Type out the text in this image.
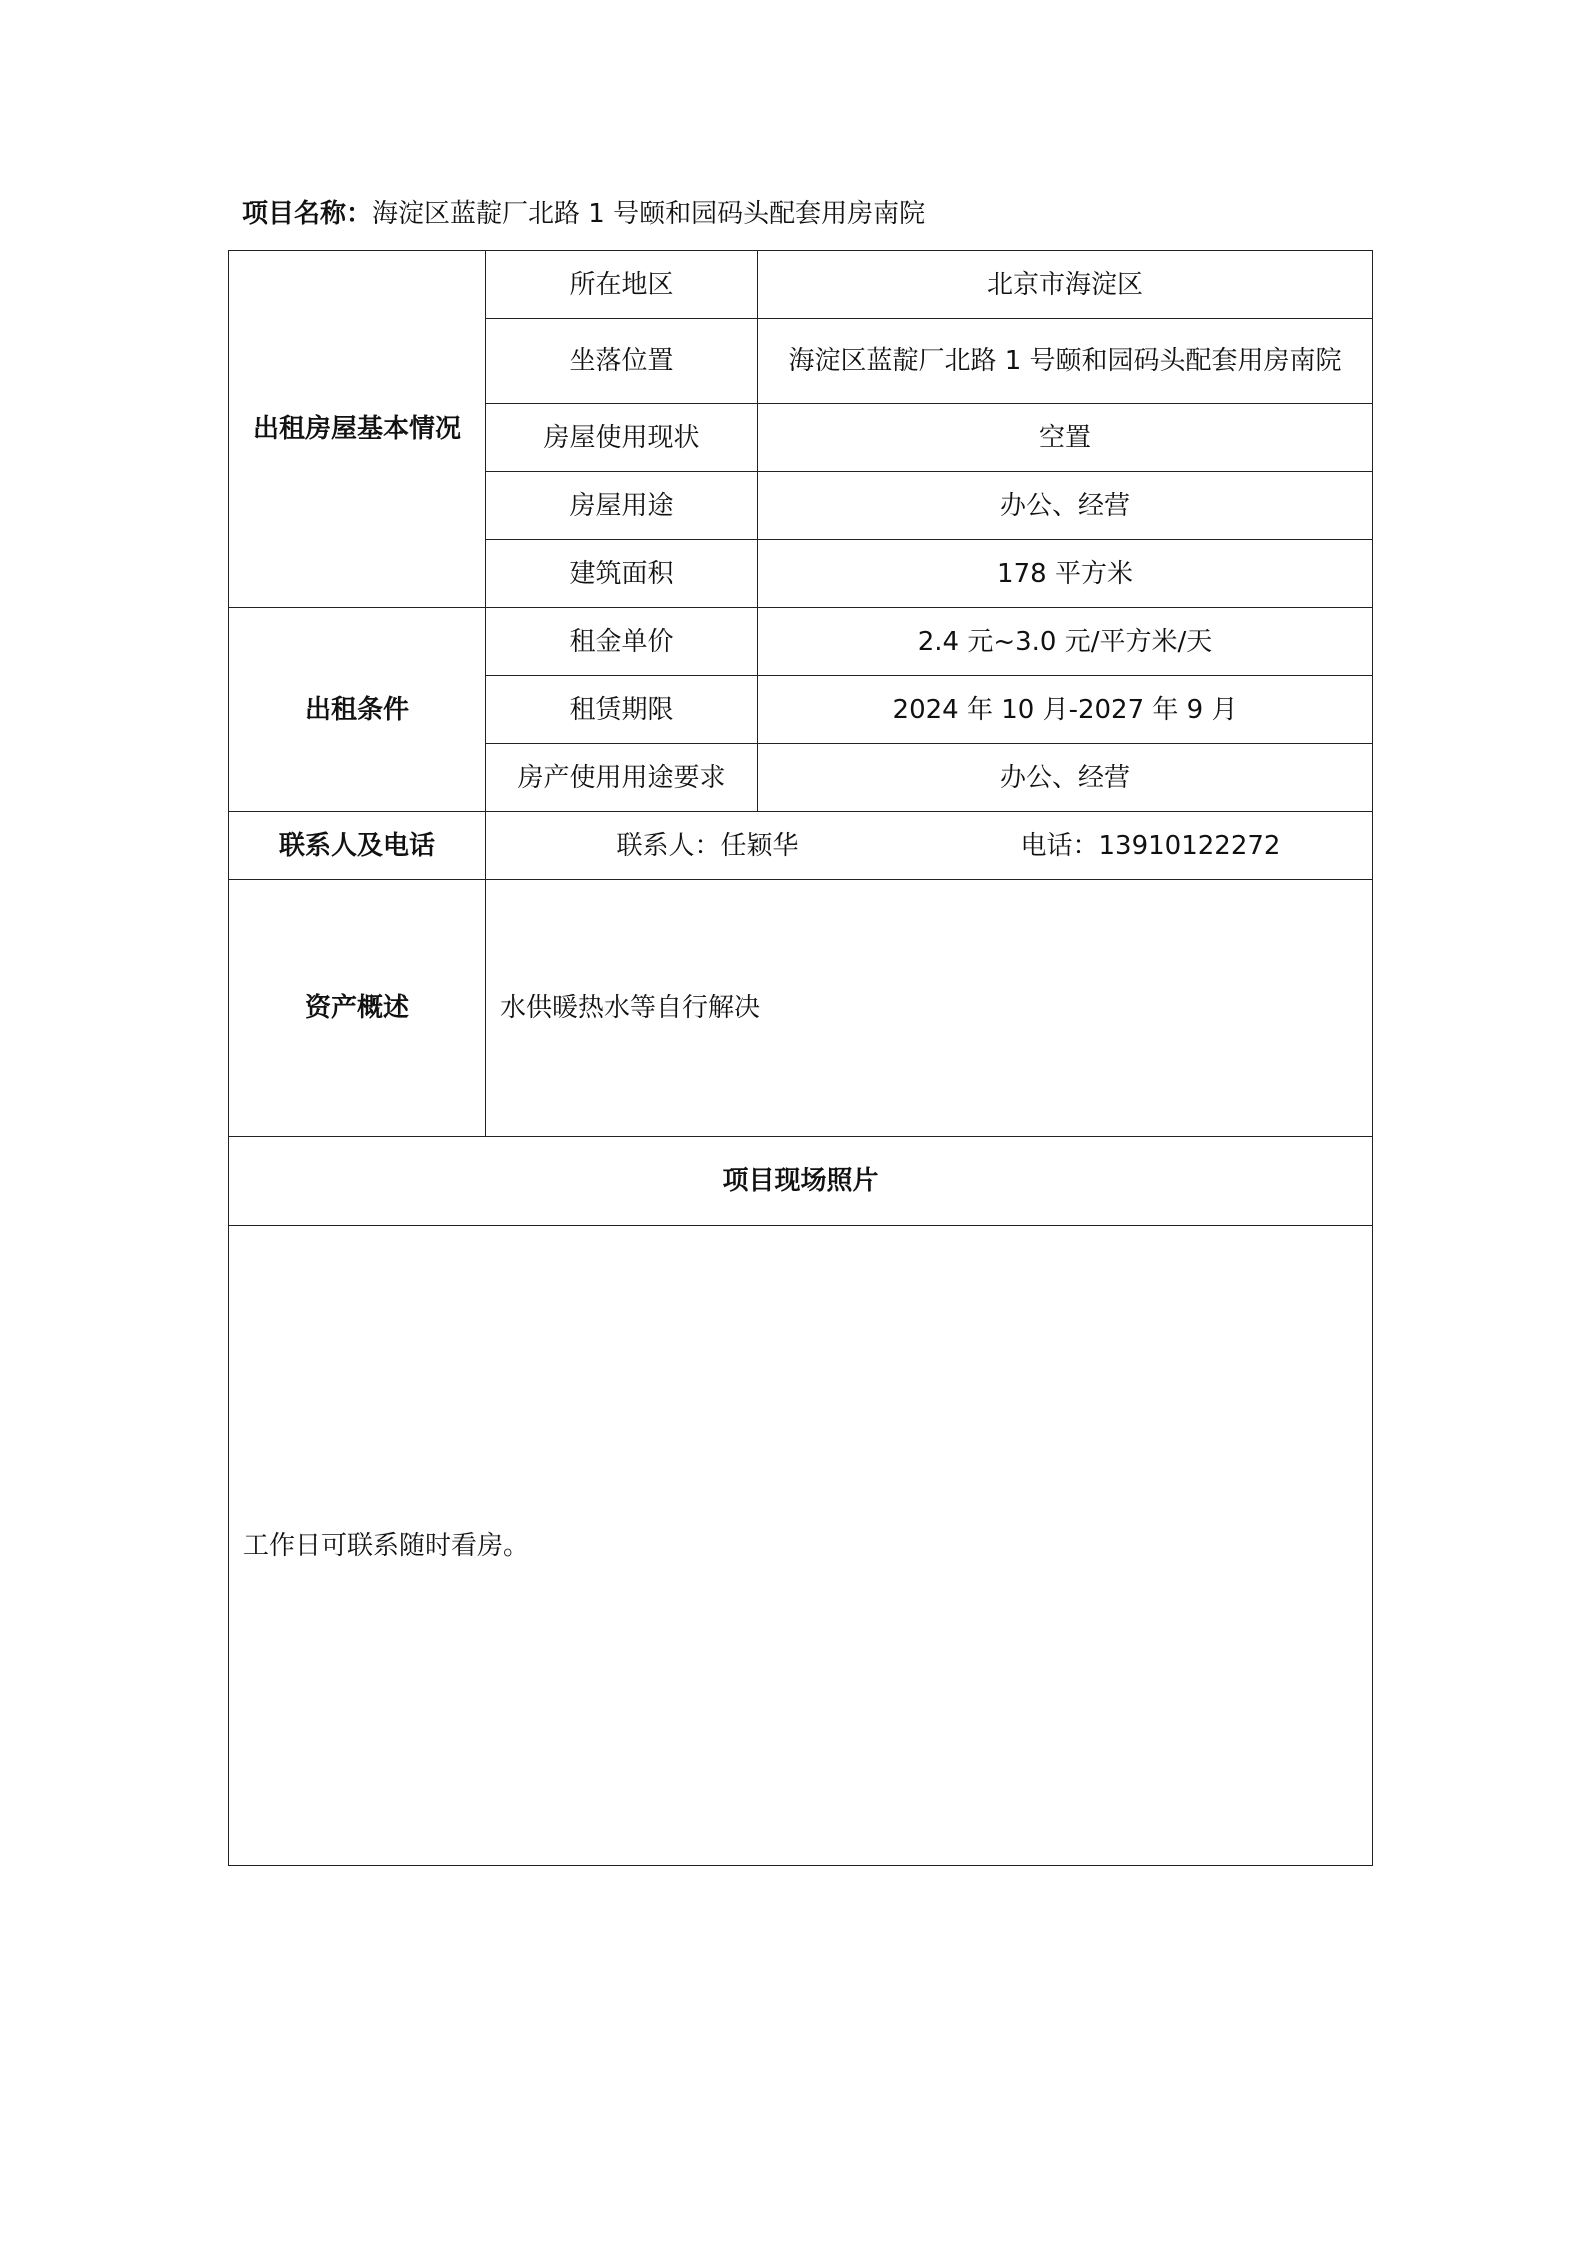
项目名称：海淀区蓝靛厂北路 1 号颐和园码头配套用房南院
出租房屋基本情况	所在地区	北京市海淀区
	坐落位置	海淀区蓝靛厂北路 1 号颐和园码头配套用房南院
	房屋使用现状	空置
	房屋用途	办公、经营
	建筑面积	178 平方米
出租条件	租金单价	2.4 元~3.0 元/平方米/天
	租赁期限	2024 年 10 月-2027 年 9 月
	房产使用用途要求	办公、经营
联系人及电话	联系人：任颖华 电话：13910122272	
资产概述	水供暖热水等自行解决	
项目现场照片		
工作日可联系随时看房。		
